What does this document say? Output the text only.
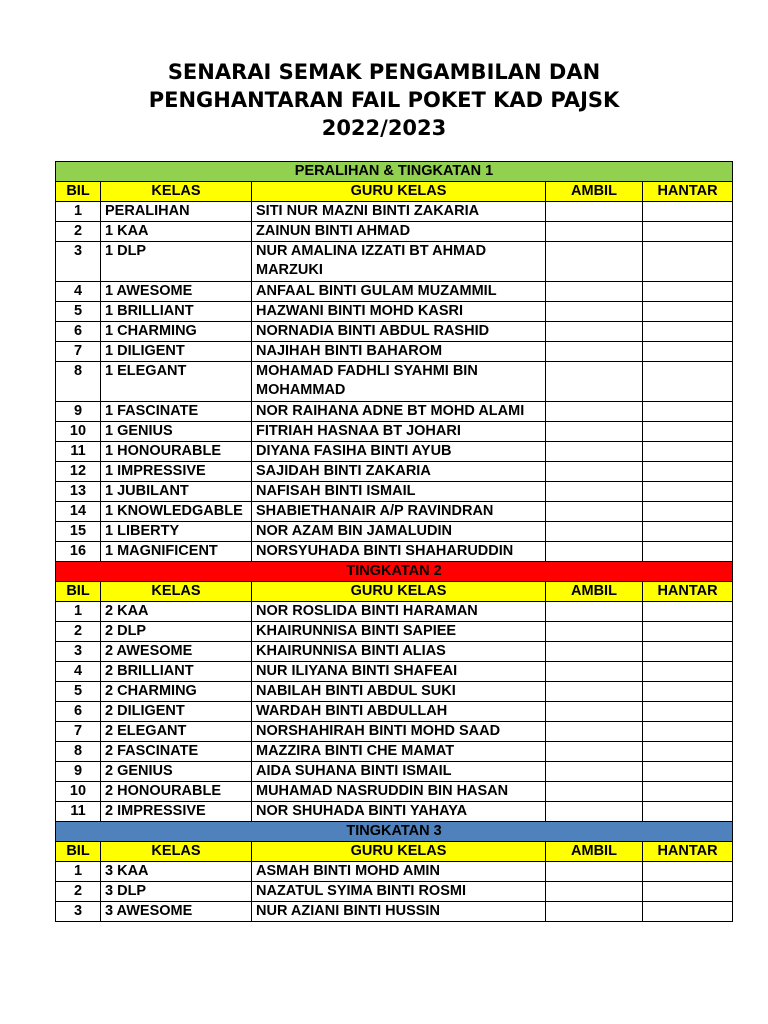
SENARAI SEMAK PENGAMBILAN DAN
PENGHANTARAN FAIL POKET KAD PAJSK
2022/2023
PERALIHAN & TINGKATAN 1				
BIL	KELAS	GURU KELAS	AMBIL	HANTAR
1	PERALIHAN	SITI NUR MAZNI BINTI ZAKARIA		
2	1 KAA	ZAINUN BINTI AHMAD		
3	1 DLP	NUR AMALINA IZZATI BT AHMAD MARZUKI		
4	1 AWESOME	ANFAAL BINTI GULAM MUZAMMIL		
5	1 BRILLIANT	HAZWANI BINTI MOHD KASRI		
6	1 CHARMING	NORNADIA BINTI ABDUL RASHID		
7	1 DILIGENT	NAJIHAH BINTI BAHAROM		
8	1 ELEGANT	MOHAMAD FADHLI SYAHMI BIN MOHAMMAD		
9	1 FASCINATE	NOR RAIHANA ADNE BT MOHD ALAMI		
10	1 GENIUS	FITRIAH HASNAA BT JOHARI		
11	1 HONOURABLE	DIYANA FASIHA BINTI AYUB		
12	1 IMPRESSIVE	SAJIDAH BINTI ZAKARIA		
13	1 JUBILANT	NAFISAH BINTI ISMAIL		
14	1 KNOWLEDGABLE	SHABIETHANAIR A/P RAVINDRAN		
15	1 LIBERTY	NOR AZAM BIN JAMALUDIN		
16	1 MAGNIFICENT	NORSYUHADA BINTI SHAHARUDDIN		
TINGKATAN 2				
BIL	KELAS	GURU KELAS	AMBIL	HANTAR
1	2 KAA	NOR ROSLIDA BINTI HARAMAN		
2	2 DLP	KHAIRUNNISA BINTI SAPIEE		
3	2 AWESOME	KHAIRUNNISA BINTI ALIAS		
4	2 BRILLIANT	NUR ILIYANA BINTI SHAFEAI		
5	2 CHARMING	NABILAH BINTI ABDUL SUKI		
6	2 DILIGENT	WARDAH BINTI ABDULLAH		
7	2 ELEGANT	NORSHAHIRAH BINTI MOHD SAAD		
8	2 FASCINATE	MAZZIRA BINTI CHE MAMAT		
9	2 GENIUS	AIDA SUHANA BINTI ISMAIL		
10	2 HONOURABLE	MUHAMAD NASRUDDIN BIN HASAN		
11	2 IMPRESSIVE	NOR SHUHADA BINTI YAHAYA		
TINGKATAN 3				
BIL	KELAS	GURU KELAS	AMBIL	HANTAR
1	3 KAA	ASMAH BINTI MOHD AMIN		
2	3 DLP	NAZATUL SYIMA BINTI ROSMI		
3	3 AWESOME	NUR AZIANI BINTI HUSSIN		
